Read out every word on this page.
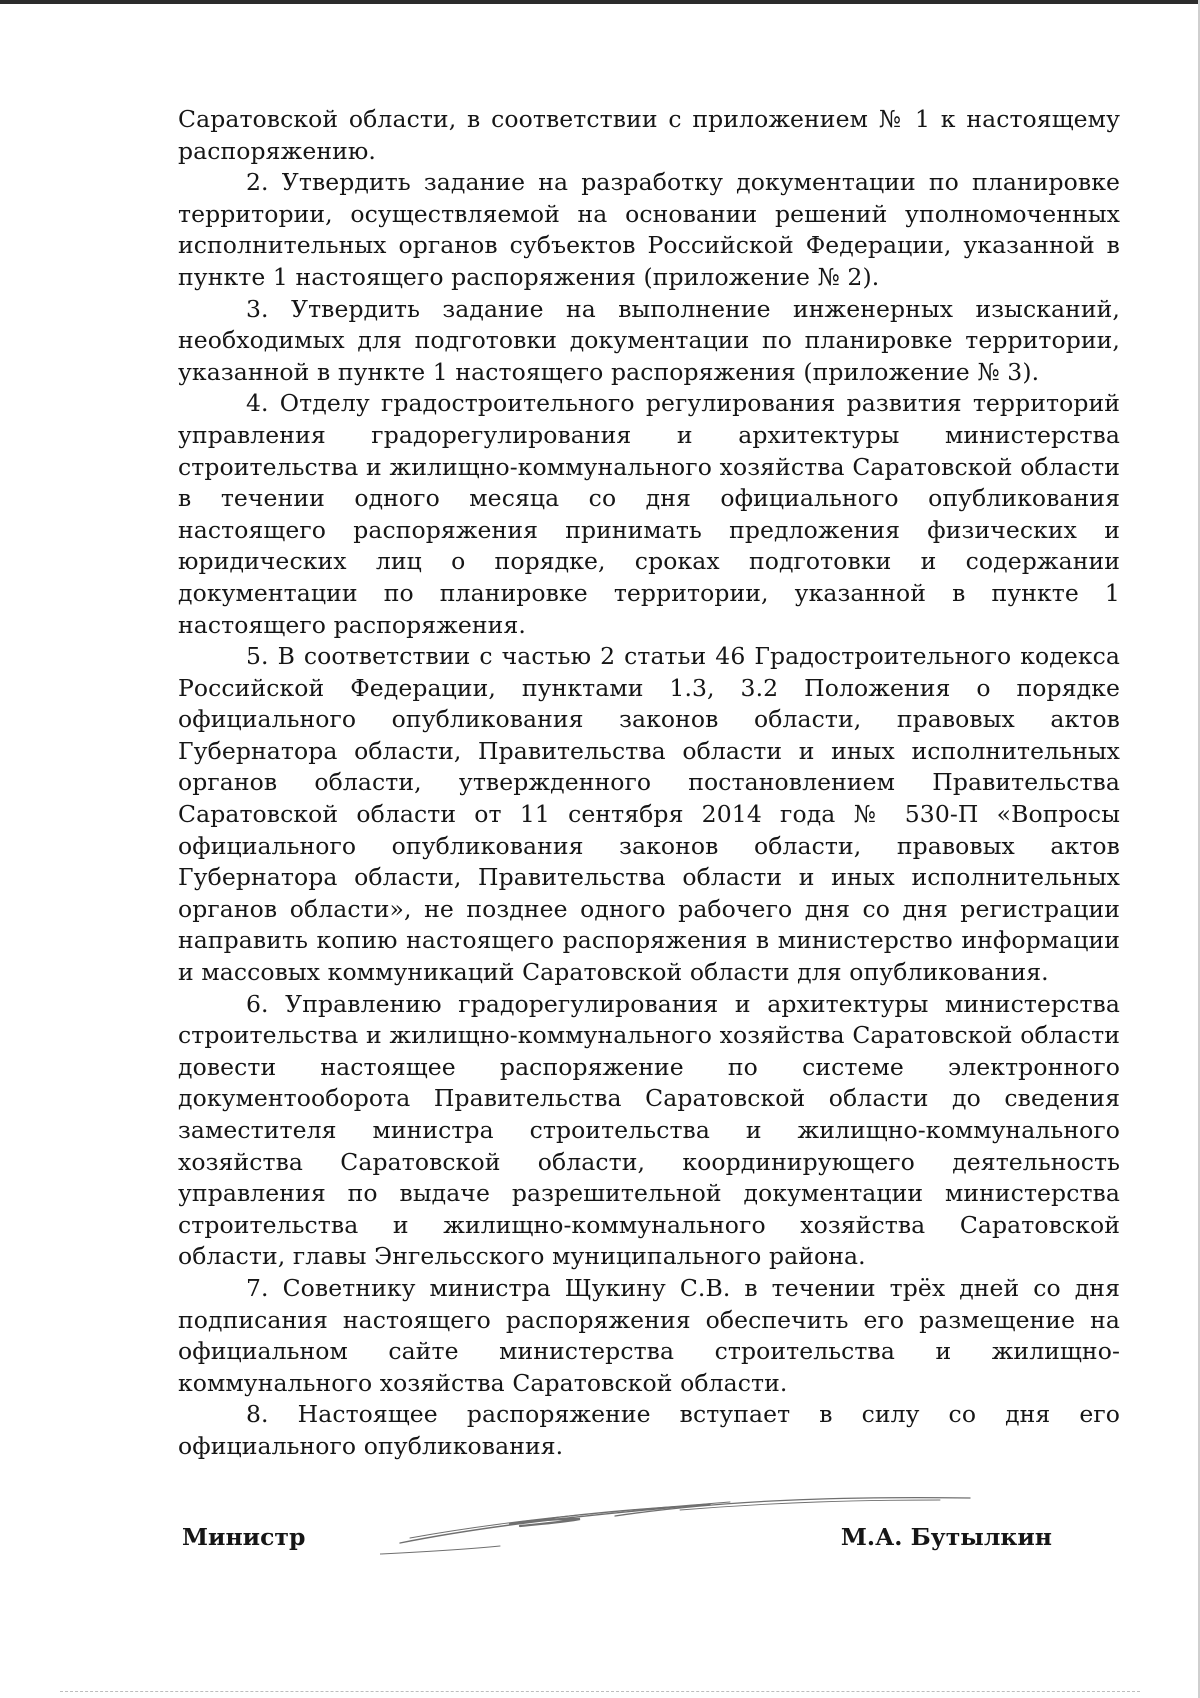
Саратовской области, в соответствии с приложением № 1 к настоящему распоряжению.

2. Утвердить задание на разработку документации по планировке территории, осуществляемой на основании решений уполномоченных исполнительных органов субъектов Российской Федерации, указанной в пункте 1 настоящего распоряжения (приложение № 2).

3. Утвердить задание на выполнение инженерных изысканий, необходимых для подготовки документации по планировке территории, указанной в пункте 1 настоящего распоряжения (приложение № 3).

4. Отделу градостроительного регулирования развития территорий управления градорегулирования и архитектуры министерства строительства и жилищно-коммунального хозяйства Саратовской области в течении одного месяца со дня официального опубликования настоящего распоряжения принимать предложения физических и юридических лиц о порядке, сроках подготовки и содержании документации по планировке территории, указанной в пункте 1 настоящего распоряжения.

5. В соответствии с частью 2 статьи 46 Градостроительного кодекса Российской Федерации, пунктами 1.3, 3.2 Положения о порядке официального опубликования законов области, правовых актов Губернатора области, Правительства области и иных исполнительных органов области, утвержденного постановлением Правительства Саратовской области от 11 сентября 2014 года № 530-П «Вопросы официального опубликования законов области, правовых актов Губернатора области, Правительства области и иных исполнительных органов области», не позднее одного рабочего дня со дня регистрации направить копию настоящего распоряжения в министерство информации и массовых коммуникаций Саратовской области для опубликования.

6. Управлению градорегулирования и архитектуры министерства строительства и жилищно-коммунального хозяйства Саратовской области довести настоящее распоряжение по системе электронного документооборота Правительства Саратовской области до сведения заместителя министра строительства и жилищно-коммунального хозяйства Саратовской области, координирующего деятельность управления по выдаче разрешительной документации министерства строительства и жилищно-коммунального хозяйства Саратовской области, главы Энгельсского муниципального района.

7. Советнику министра Щукину С.В. в течении трёх дней со дня подписания настоящего распоряжения обеспечить его размещение на официальном сайте министерства строительства и жилищно-коммунального хозяйства Саратовской области.

8. Настоящее распоряжение вступает в силу со дня его официального опубликования.

Министр	М.А. Бутылкин
